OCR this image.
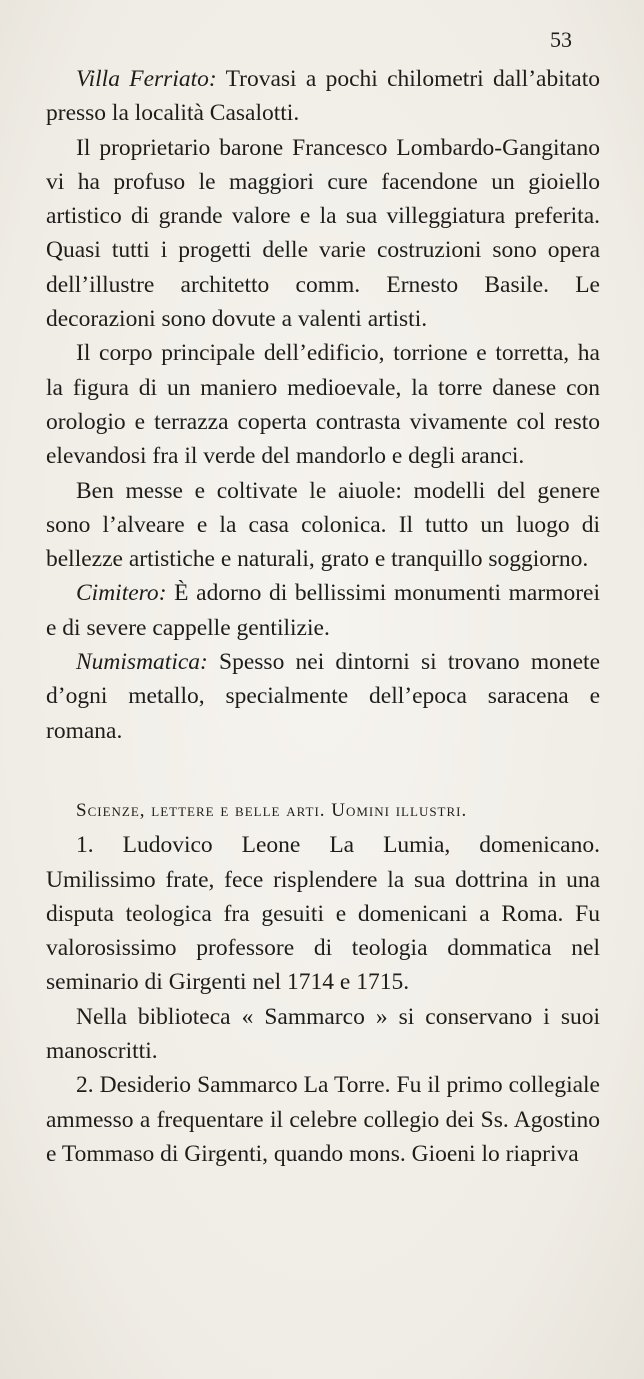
53

Villa Ferriato: Trovasi a pochi chilometri dall’abitato presso la località Casalotti.

Il proprietario barone Francesco Lombardo-Gangitano vi ha profuso le maggiori cure facendone un gioiello artistico di grande valore e la sua villeggiatura preferita. Quasi tutti i progetti delle varie costruzioni sono opera dell’illustre architetto comm. Ernesto Basile. Le decorazioni sono dovute a valenti artisti.

Il corpo principale dell’edificio, torrione e torretta, ha la figura di un maniero medioevale, la torre danese con orologio e terrazza coperta contrasta vivamente col resto elevandosi fra il verde del mandorlo e degli aranci.

Ben messe e coltivate le aiuole: modelli del genere sono l’alveare e la casa colonica. Il tutto un luogo di bellezze artistiche e naturali, grato e tranquillo soggiorno.

Cimitero: È adorno di bellissimi monumenti marmorei e di severe cappelle gentilizie.

Numismatica: Spesso nei dintorni si trovano monete d’ogni metallo, specialmente dell’epoca saracena e romana.

Scienze, lettere e belle arti. Uomini illustri.

1. Ludovico Leone La Lumia, domenicano. Umilissimo frate, fece risplendere la sua dottrina in una disputa teologica fra gesuiti e domenicani a Roma. Fu valorosissimo professore di teologia dommatica nel seminario di Girgenti nel 1714 e 1715.

Nella biblioteca « Sammarco » si conservano i suoi manoscritti.

2. Desiderio Sammarco La Torre. Fu il primo collegiale ammesso a frequentare il celebre collegio dei Ss. Agostino e Tommaso di Girgenti, quando mons. Gioeni lo riapriva
